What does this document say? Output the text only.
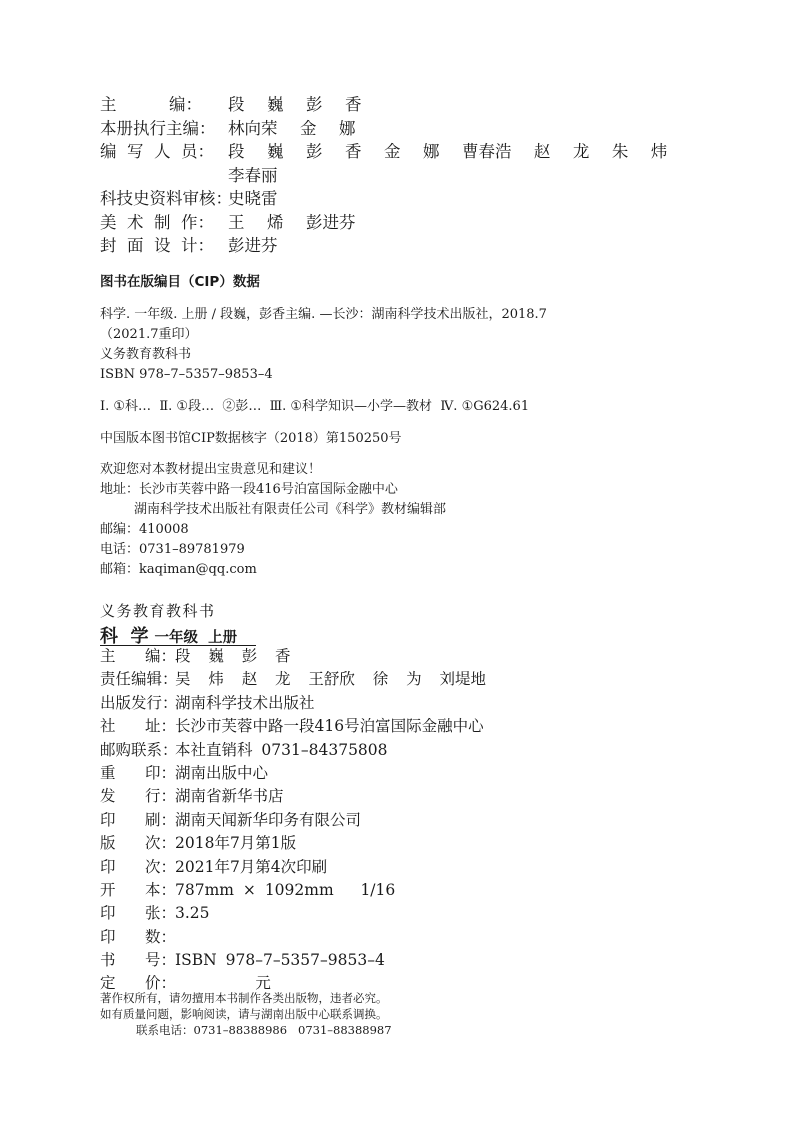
主          编：	段  巍  彭  香
本册执行主编： 林向荣  金  娜
编  写  人  员： 段  巍  彭  香  金  娜  曹春浩  赵  龙  朱  炜
李春丽
科技史资料审核：
史晓雷
美  术  制  作： 王  烯  彭进芬
封  面  设  计： 彭进芬
图书在版编目（CIP）数据
科学. 一年级. 上册 / 段巍，彭香主编. —长沙：湖南科学技术出版社，2018.7
（2021.7重印）
义务教育教科书
ISBN 978–7–5357–9853–4
Ⅰ. ①科…  Ⅱ. ①段…  ②彭…  Ⅲ. ①科学知识—小学—教材  Ⅳ. ①G624.61
中国版本图书馆CIP数据核字（2018）第150250号
欢迎您对本教材提出宝贵意见和建议！
地址：长沙市芙蓉中路一段416号泊富国际金融中心
湖南科学技术出版社有限责任公司《科学》教材编辑部
邮编：410008
电话：0731–89781979
邮箱：kaqiman@qq.com
义务教育教科书
科  学 一年级  上册
主      编：
段  巍  彭  香
责任编辑：
吴  炜  赵  龙  王舒欣  徐  为  刘堤地
出版发行：
湖南科学技术出版社
社      址：
长沙市芙蓉中路一段416号泊富国际金融中心
邮购联系：
本社直销科 0731–84375808
重      印：
湖南出版中心
发      行：
湖南省新华书店
印      刷：
湖南天闻新华印务有限公司
版      次：
2018年7月第1版
印      次：
2021年7月第4次印刷
开      本：
787mm × 1092mm   1/16
印      张：
3.25
印      数：
书      号：
ISBN 978–7–5357–9853–4
定      价：
元
著作权所有，请勿擅用本书制作各类出版物，违者必究。
如有质量问题，影响阅读，请与湖南出版中心联系调换。
联系电话：0731–88388986   0731–88388987
